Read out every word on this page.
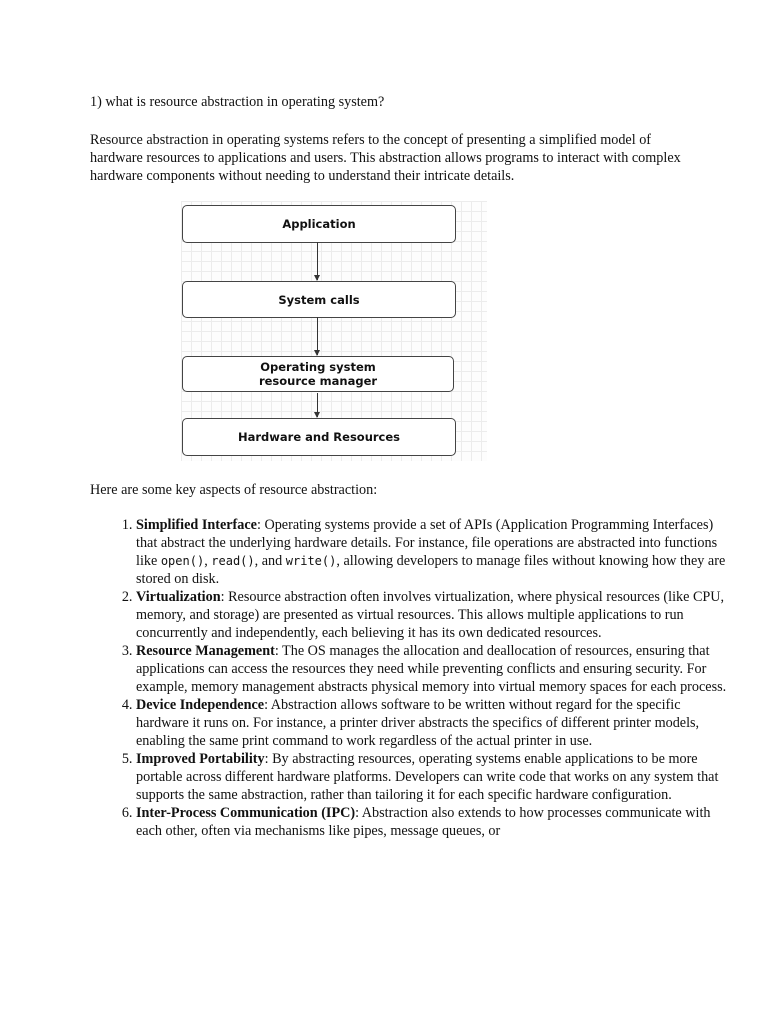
1) what is resource abstraction in operating system?

Resource abstraction in operating systems refers to the concept of presenting a simplified model of hardware resources to applications and users. This abstraction allows programs to interact with complex hardware components without needing to understand their intricate details.

Application
System calls
Operating system resource manager
Hardware and Resources

Here are some key aspects of resource abstraction:

1. Simplified Interface: Operating systems provide a set of APIs (Application Programming Interfaces) that abstract the underlying hardware details. For instance, file operations are abstracted into functions like open(), read(), and write(), allowing developers to manage files without knowing how they are stored on disk.
2. Virtualization: Resource abstraction often involves virtualization, where physical resources (like CPU, memory, and storage) are presented as virtual resources. This allows multiple applications to run concurrently and independently, each believing it has its own dedicated resources.
3. Resource Management: The OS manages the allocation and deallocation of resources, ensuring that applications can access the resources they need while preventing conflicts and ensuring security. For example, memory management abstracts physical memory into virtual memory spaces for each process.
4. Device Independence: Abstraction allows software to be written without regard for the specific hardware it runs on. For instance, a printer driver abstracts the specifics of different printer models, enabling the same print command to work regardless of the actual printer in use.
5. Improved Portability: By abstracting resources, operating systems enable applications to be more portable across different hardware platforms. Developers can write code that works on any system that supports the same abstraction, rather than tailoring it for each specific hardware configuration.
6. Inter-Process Communication (IPC): Abstraction also extends to how processes communicate with each other, often via mechanisms like pipes, message queues, or
